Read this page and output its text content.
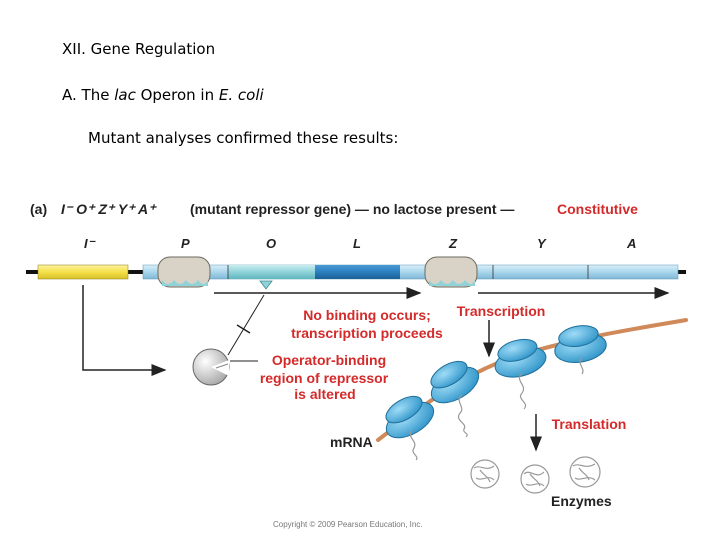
XII. Gene Regulation
A. The lac Operon in E. coli
Mutant analyses confirmed these results:
(a) I⁻ O⁺ Z⁺ Y⁺ A⁺ (mutant repressor gene) — no lactose present —	Constitutive
I⁻	P	O	L	Z	Y	A
No binding occurs;
transcription proceeds
Transcription
Operator-binding
region of repressor
is altered
Translation
mRNA
Enzymes
Copyright © 2009 Pearson Education, Inc.
